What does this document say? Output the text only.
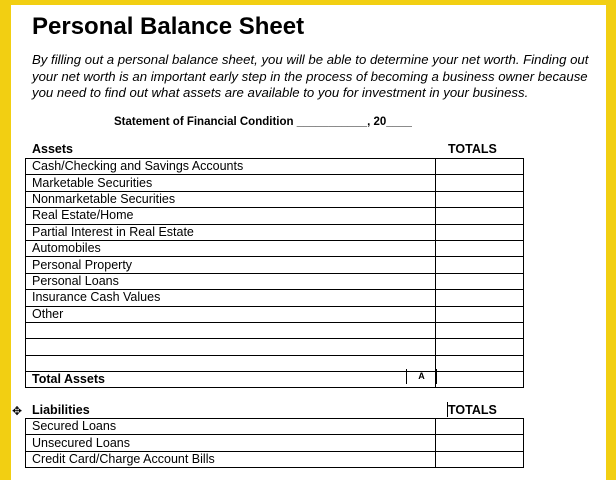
Personal Balance Sheet
By filling out a personal balance sheet, you will be able to determine your net worth. Finding out your net worth is an important early step in the process of becoming a business owner because you need to find out what assets are available to you for investment in your business.
Statement of Financial Condition ___________, 20____
Assets	TOTALS
Cash/Checking and Savings Accounts	
Marketable Securities	
Nonmarketable Securities	
Real Estate/Home	
Partial Interest in Real Estate	
Automobiles	
Personal Property	
Personal Loans	
Insurance Cash Values	
Other	

Total Assets		A
✥ Liabilities	TOTALS
Secured Loans	
Unsecured Loans	
Credit Card/Charge Account Bills	
